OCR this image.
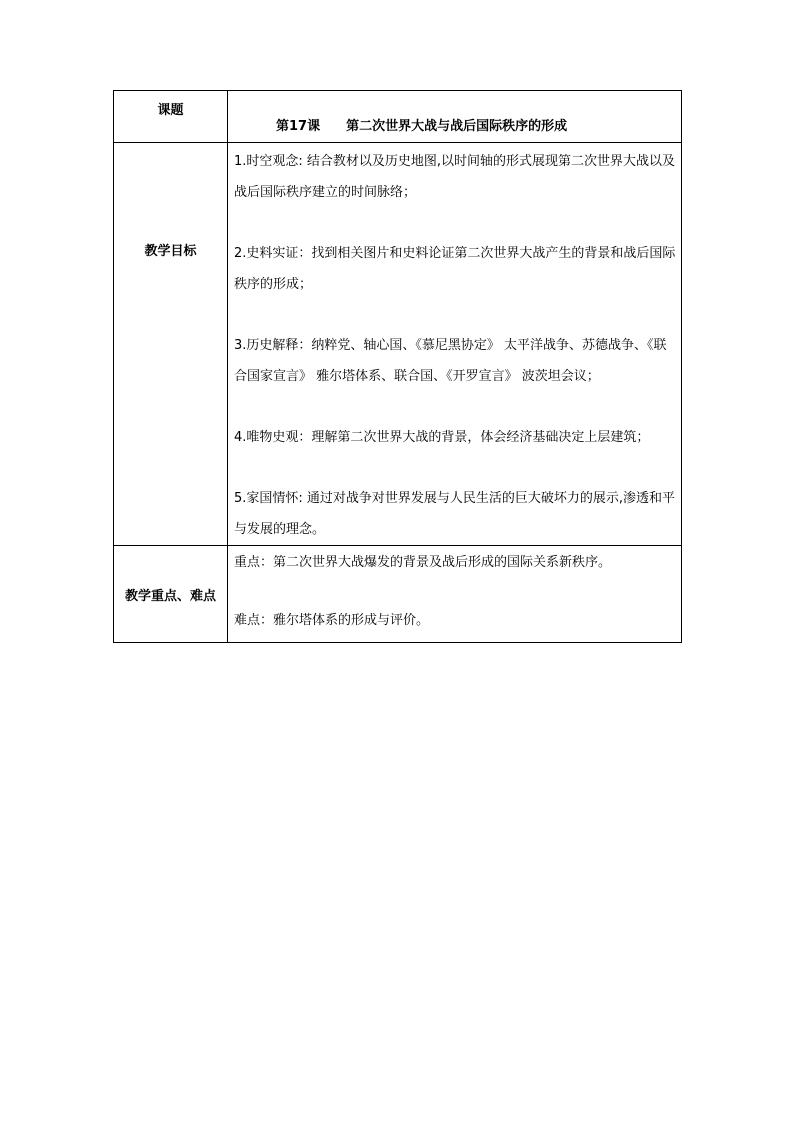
课题	第17课 第二次世界大战与战后国际秩序的形成
教学目标	1.时空观念: 结合教材以及历史地图,以时间轴的形式展现第二次世界大战以及战后国际秩序建立的时间脉络；
2.史料实证：找到相关图片和史料论证第二次世界大战产生的背景和战后国际秩序的形成；
3.历史解释：纳粹党、轴心国、《慕尼黑协定》 太平洋战争、苏德战争、《联合国家宣言》 雅尔塔体系、联合国、《开罗宣言》 波茨坦会议；
4.唯物史观：理解第二次世界大战的背景，体会经济基础决定上层建筑；
5.家国情怀: 通过对战争对世界发展与人民生活的巨大破坏力的展示,渗透和平与发展的理念。

教学重点、难点	重点：第二次世界大战爆发的背景及战后形成的国际关系新秩序。

难点：雅尔塔体系的形成与评价。
